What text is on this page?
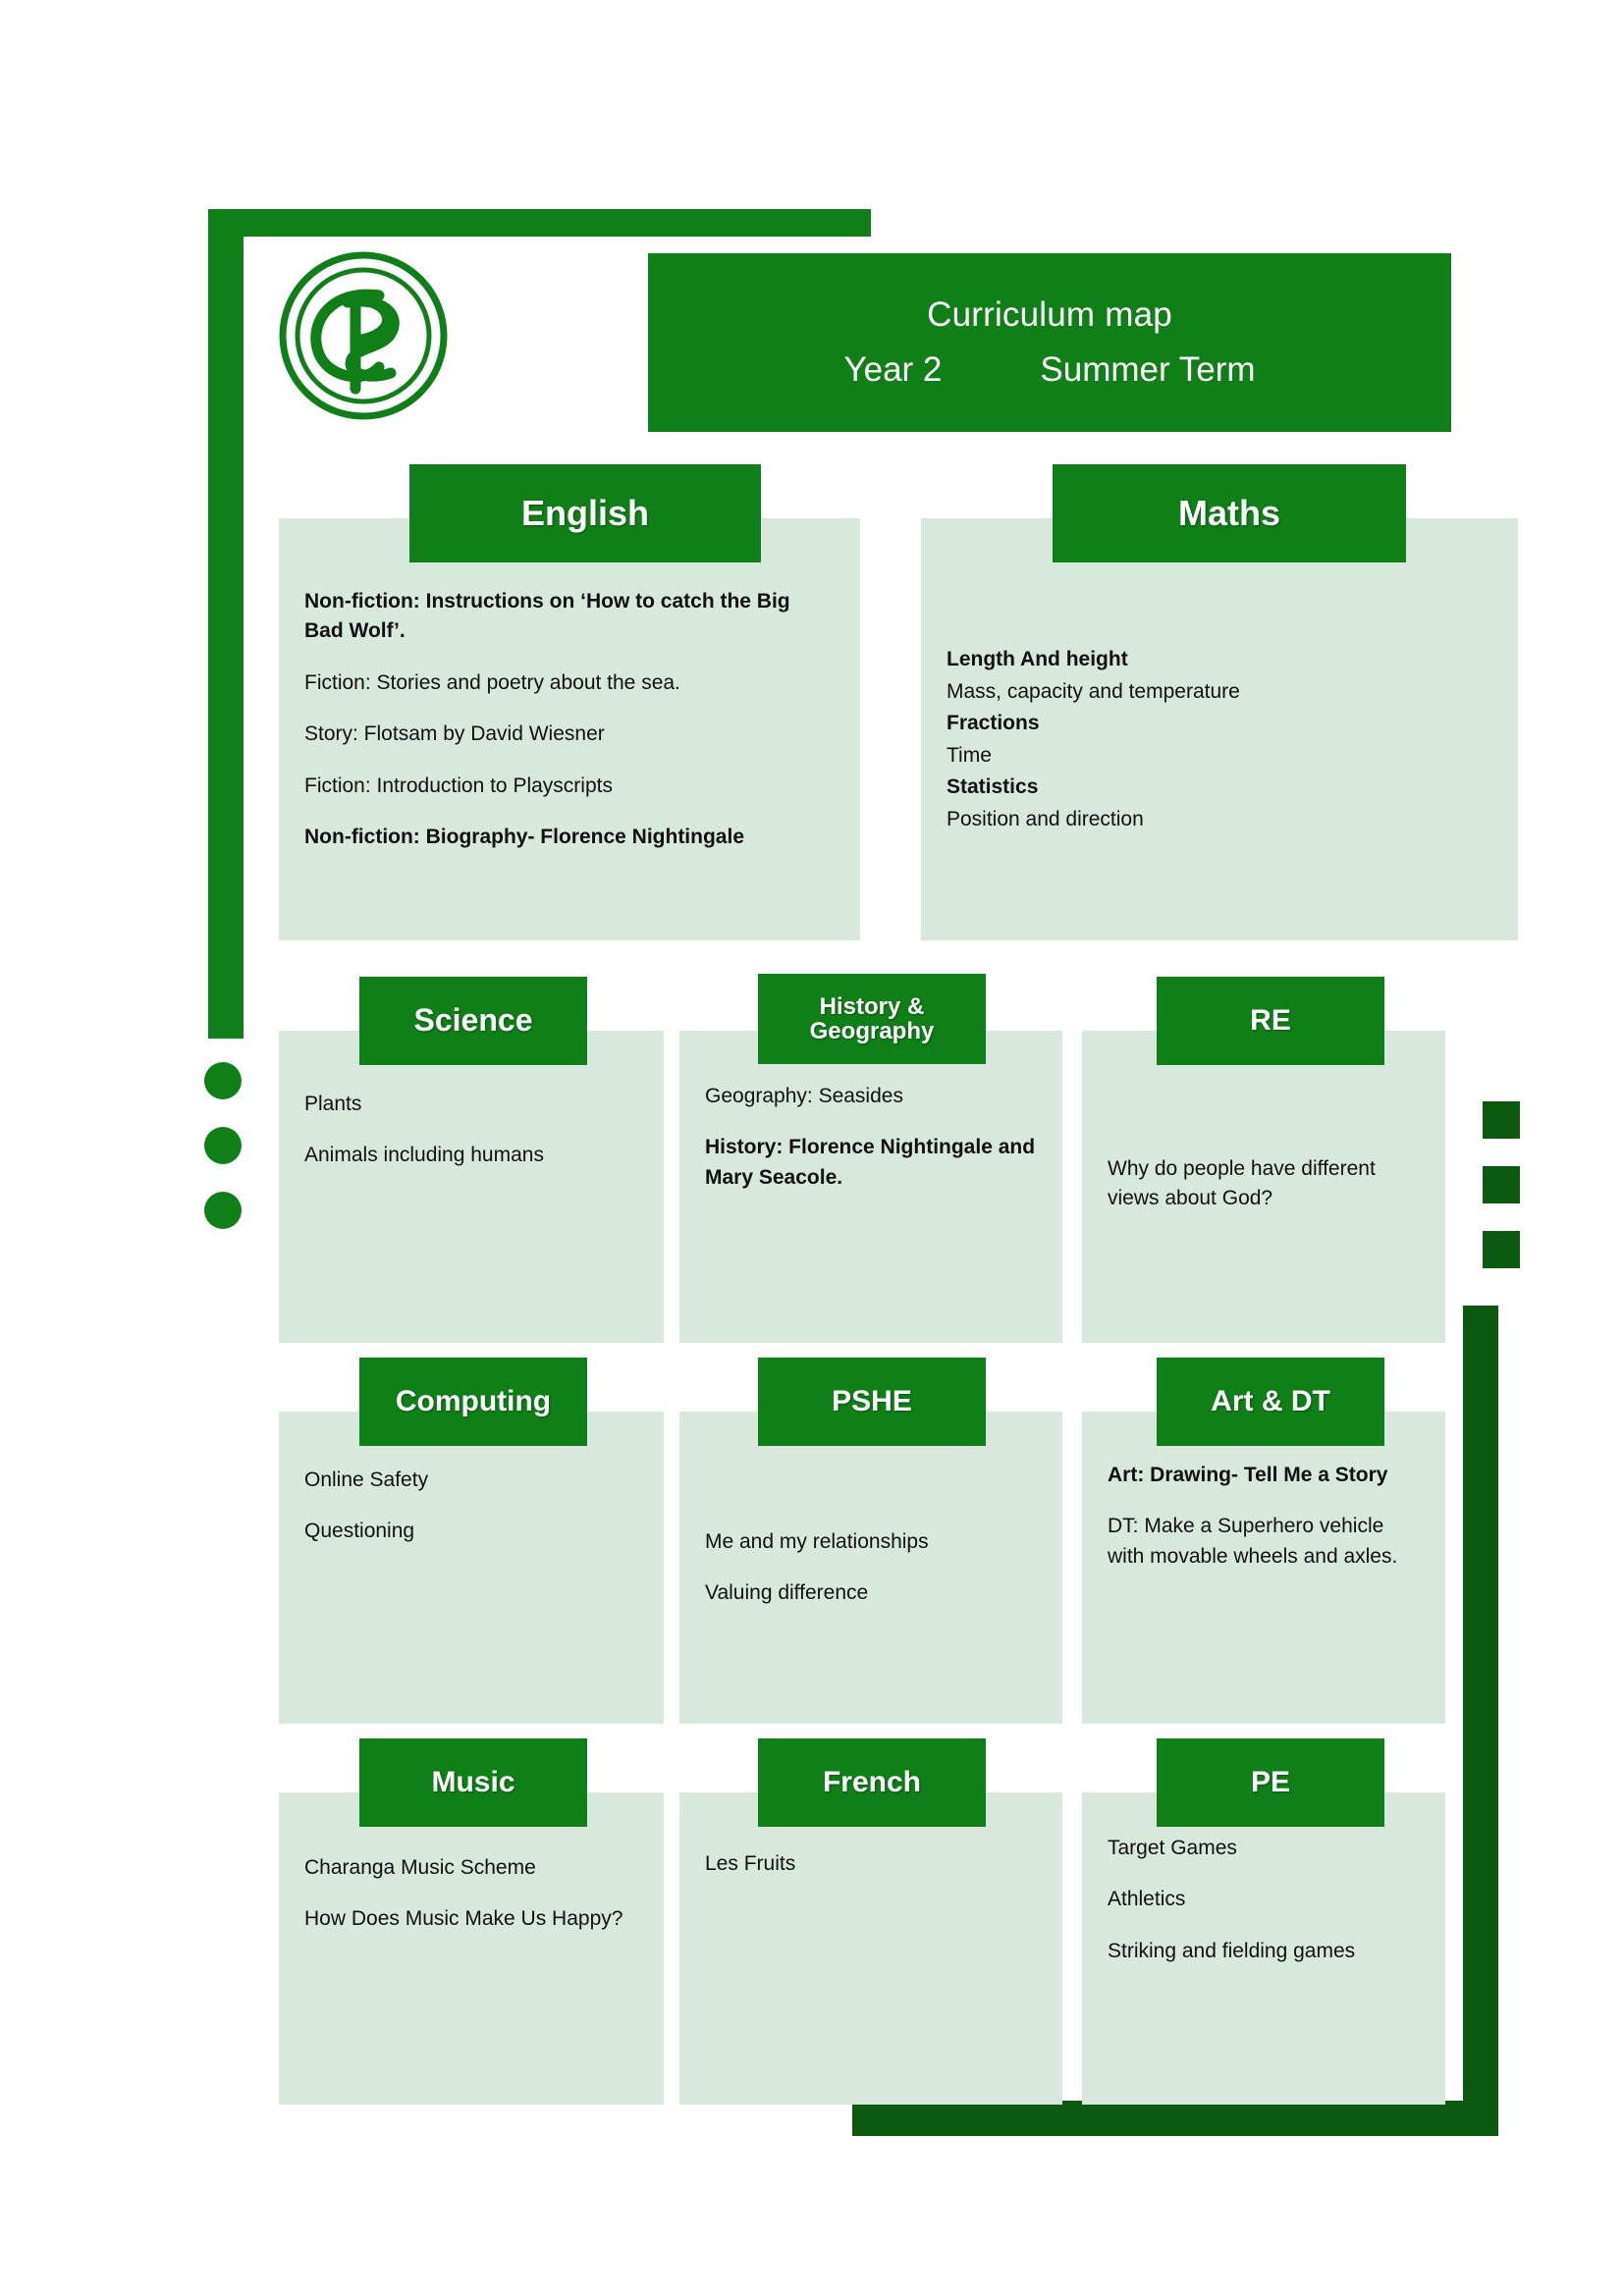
Curriculum map
Year 2	Summer Term
English

Non-fiction: Instructions on ‘How to catch the Big Bad Wolf’.

Fiction: Stories and poetry about the sea.

Story: Flotsam by David Wiesner

Fiction: Introduction to Playscripts

Non-fiction: Biography- Florence Nightingale

Maths

Length And height

Mass, capacity and temperature

Fractions

Time

Statistics

Position and direction

Science

Plants

Animals including humans

History &
Geography

Geography: Seasides

History: Florence Nightingale and Mary Seacole.

RE

Why do people have different views about God?

Computing

Online Safety

Questioning

PSHE

Me and my relationships

Valuing difference

Art & DT

Art: Drawing- Tell Me a Story

DT: Make a Superhero vehicle with movable wheels and axles.

Music

Charanga Music Scheme

How Does Music Make Us Happy?

French

Les Fruits

PE

Target Games

Athletics

Striking and fielding games
